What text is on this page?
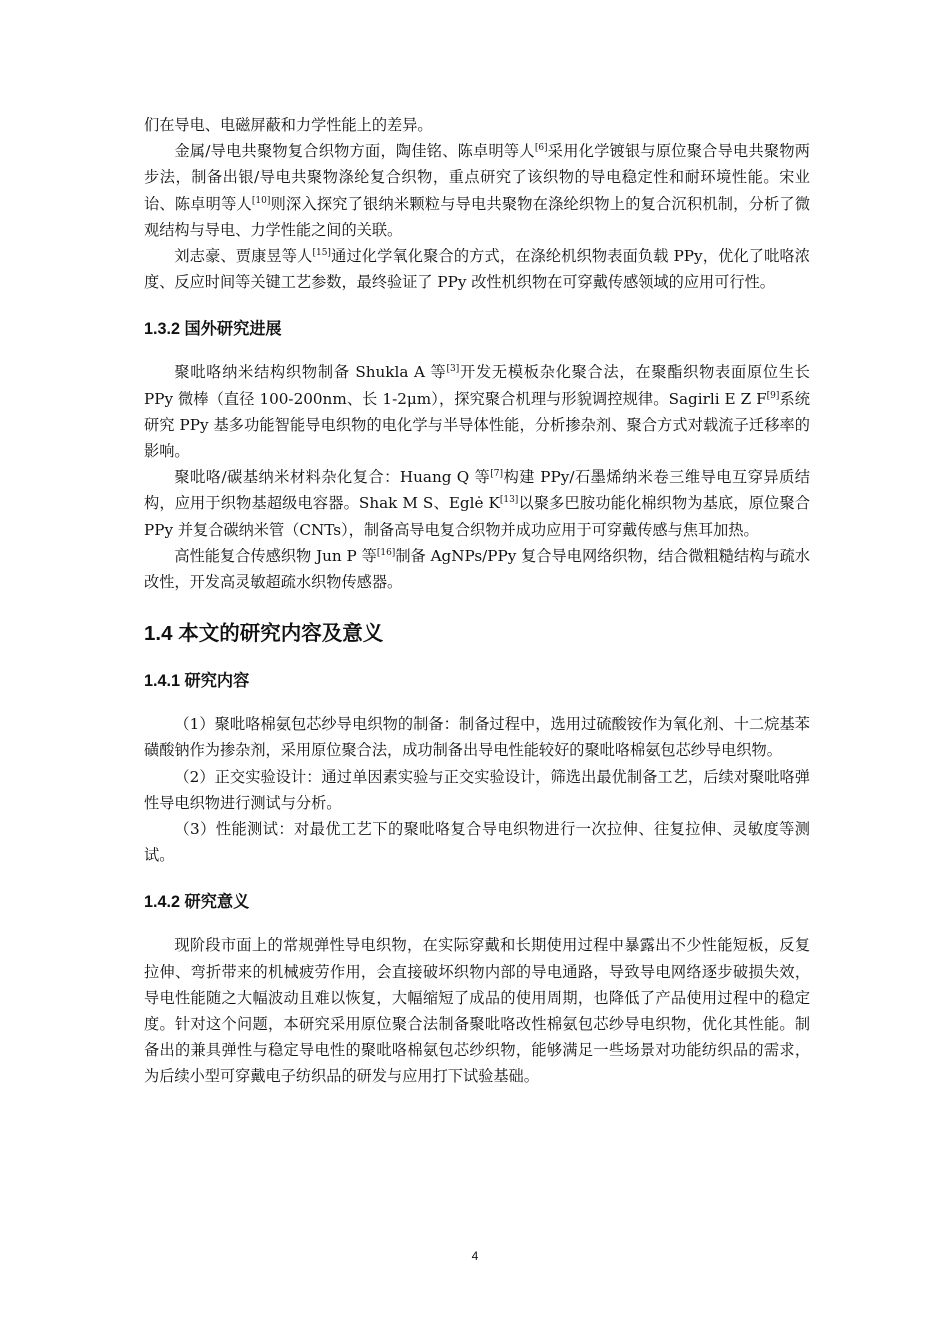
们在导电、电磁屏蔽和力学性能上的差异。

金属/导电共聚物复合织物方面，陶佳铭、陈卓明等人[6]采用化学镀银与原位聚合导电共聚物两步法，制备出银/导电共聚物涤纶复合织物，重点研究了该织物的导电稳定性和耐环境性能。宋业诒、陈卓明等人[10]则深入探究了银纳米颗粒与导电共聚物在涤纶织物上的复合沉积机制，分析了微观结构与导电、力学性能之间的关联。

刘志豪、贾康昱等人[15]通过化学氧化聚合的方式，在涤纶机织物表面负载 PPy，优化了吡咯浓度、反应时间等关键工艺参数，最终验证了 PPy 改性机织物在可穿戴传感领域的应用可行性。

1.3.2 国外研究进展

聚吡咯纳米结构织物制备 Shukla A 等[3]开发无模板杂化聚合法，在聚酯织物表面原位生长 PPy 微棒（直径 100-200nm、长 1-2μm），探究聚合机理与形貌调控规律。Sagirli E Z F[9]系统研究 PPy 基多功能智能导电织物的电化学与半导体性能，分析掺杂剂、聚合方式对载流子迁移率的影响。

聚吡咯/碳基纳米材料杂化复合：Huang Q 等[7]构建 PPy/石墨烯纳米卷三维导电互穿异质结构，应用于织物基超级电容器。Shak M S、Eglė K[13]以聚多巴胺功能化棉织物为基底，原位聚合 PPy 并复合碳纳米管（CNTs），制备高导电复合织物并成功应用于可穿戴传感与焦耳加热。

高性能复合传感织物 Jun P 等[16]制备 AgNPs/PPy 复合导电网络织物，结合微粗糙结构与疏水改性，开发高灵敏超疏水织物传感器。

1.4 本文的研究内容及意义
1.4.1 研究内容

（1）聚吡咯棉氨包芯纱导电织物的制备：制备过程中，选用过硫酸铵作为氧化剂、十二烷基苯磺酸钠作为掺杂剂，采用原位聚合法，成功制备出导电性能较好的聚吡咯棉氨包芯纱导电织物。

（2）正交实验设计：通过单因素实验与正交实验设计，筛选出最优制备工艺，后续对聚吡咯弹性导电织物进行测试与分析。

（3）性能测试：对最优工艺下的聚吡咯复合导电织物进行一次拉伸、往复拉伸、灵敏度等测试。

1.4.2 研究意义

现阶段市面上的常规弹性导电织物，在实际穿戴和长期使用过程中暴露出不少性能短板，反复拉伸、弯折带来的机械疲劳作用，会直接破坏织物内部的导电通路，导致导电网络逐步破损失效，导电性能随之大幅波动且难以恢复，大幅缩短了成品的使用周期，也降低了产品使用过程中的稳定度。针对这个问题，本研究采用原位聚合法制备聚吡咯改性棉氨包芯纱导电织物，优化其性能。制备出的兼具弹性与稳定导电性的聚吡咯棉氨包芯纱织物，能够满足一些场景对功能纺织品的需求，为后续小型可穿戴电子纺织品的研发与应用打下试验基础。

4
